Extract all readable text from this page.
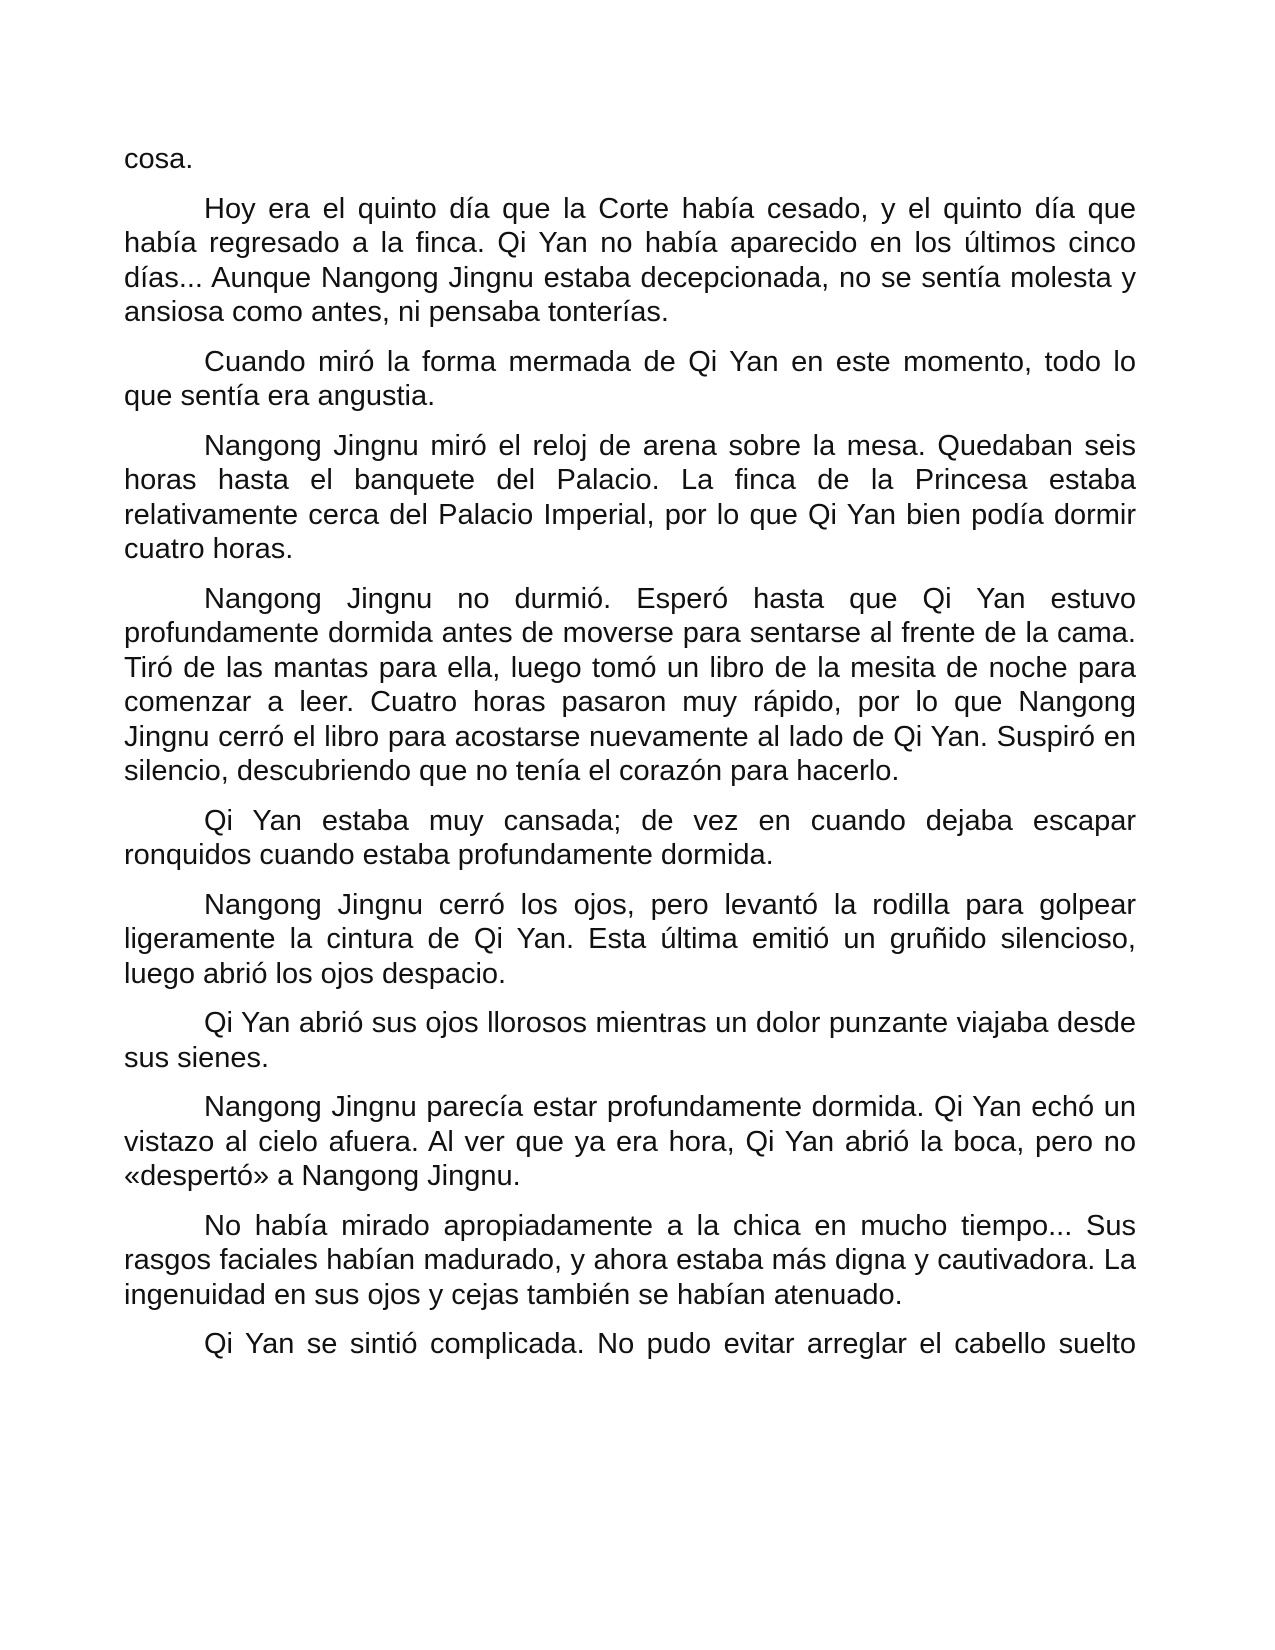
cosa.

Hoy era el quinto día que la Corte había cesado, y el quinto día que había regresado a la finca. Qi Yan no había aparecido en los últimos cinco días... Aunque Nangong Jingnu estaba decepcionada, no se sentía molesta y ansiosa como antes, ni pensaba tonterías.

Cuando miró la forma mermada de Qi Yan en este momento, todo lo que sentía era angustia.

Nangong Jingnu miró el reloj de arena sobre la mesa. Quedaban seis horas hasta el banquete del Palacio. La finca de la Princesa estaba relativamente cerca del Palacio Imperial, por lo que Qi Yan bien podía dormir cuatro horas.

Nangong Jingnu no durmió. Esperó hasta que Qi Yan estuvo profundamente dormida antes de moverse para sentarse al frente de la cama. Tiró de las mantas para ella, luego tomó un libro de la mesita de noche para comenzar a leer. Cuatro horas pasaron muy rápido, por lo que Nangong Jingnu cerró el libro para acostarse nuevamente al lado de Qi Yan. Suspiró en silencio, descubriendo que no tenía el corazón para hacerlo.

Qi Yan estaba muy cansada; de vez en cuando dejaba escapar ronquidos cuando estaba profundamente dormida.

Nangong Jingnu cerró los ojos, pero levantó la rodilla para golpear ligeramente la cintura de Qi Yan. Esta última emitió un gruñido silencioso, luego abrió los ojos despacio.

Qi Yan abrió sus ojos llorosos mientras un dolor punzante viajaba desde sus sienes.

Nangong Jingnu parecía estar profundamente dormida. Qi Yan echó un vistazo al cielo afuera. Al ver que ya era hora, Qi Yan abrió la boca, pero no «despertó» a Nangong Jingnu.

No había mirado apropiadamente a la chica en mucho tiempo... Sus rasgos faciales habían madurado, y ahora estaba más digna y cautivadora. La ingenuidad en sus ojos y cejas también se habían atenuado.

Qi Yan se sintió complicada. No pudo evitar arreglar el cabello suelto
